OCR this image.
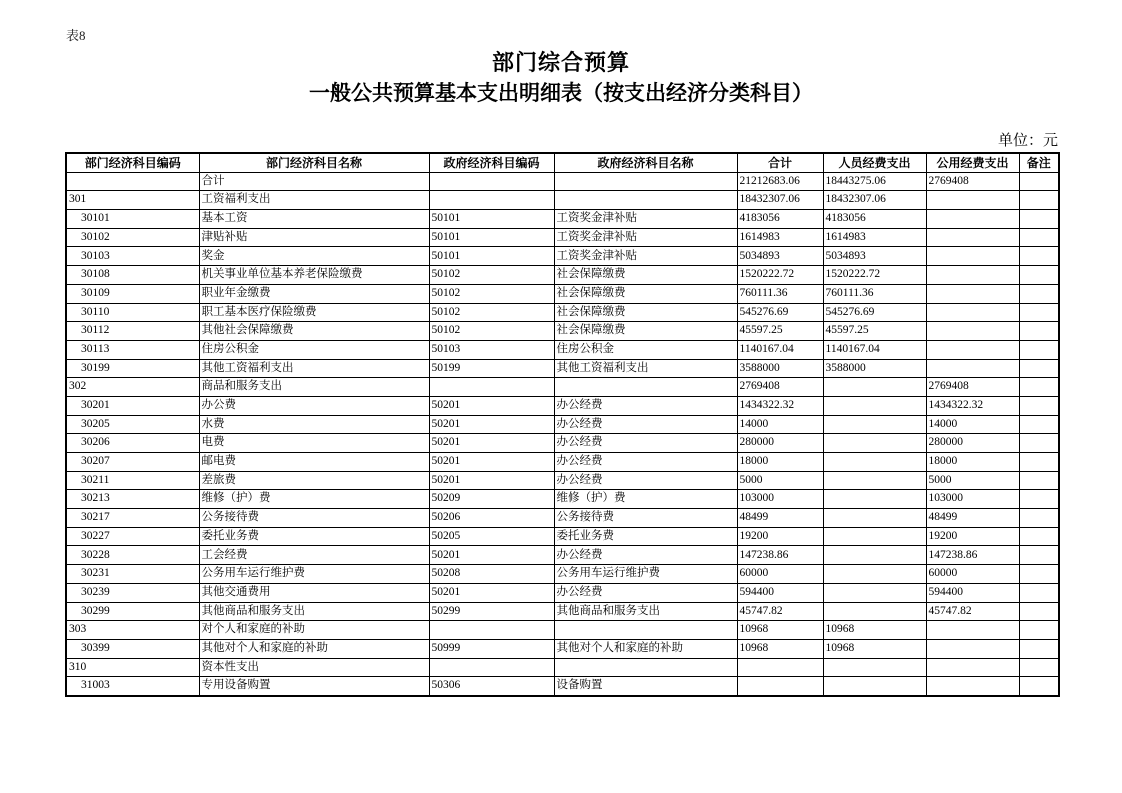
表8
部门综合预算
一般公共预算基本支出明细表（按支出经济分类科目）
单位：元
部门经济科目编码	部门经济科目名称	政府经济科目编码	政府经济科目名称	合计	人员经费支出	公用经费支出	备注
	合计			21212683.06	18443275.06	2769408	
301	工资福利支出			18432307.06	18432307.06		
30101	基本工资	50101	工资奖金津补贴	4183056	4183056		
30102	津贴补贴	50101	工资奖金津补贴	1614983	1614983		
30103	奖金	50101	工资奖金津补贴	5034893	5034893		
30108	机关事业单位基本养老保险缴费	50102	社会保障缴费	1520222.72	1520222.72		
30109	职业年金缴费	50102	社会保障缴费	760111.36	760111.36		
30110	职工基本医疗保险缴费	50102	社会保障缴费	545276.69	545276.69		
30112	其他社会保障缴费	50102	社会保障缴费	45597.25	45597.25		
30113	住房公积金	50103	住房公积金	1140167.04	1140167.04		
30199	其他工资福利支出	50199	其他工资福利支出	3588000	3588000		
302	商品和服务支出			2769408		2769408	
30201	办公费	50201	办公经费	1434322.32		1434322.32	
30205	水费	50201	办公经费	14000		14000	
30206	电费	50201	办公经费	280000		280000	
30207	邮电费	50201	办公经费	18000		18000	
30211	差旅费	50201	办公经费	5000		5000	
30213	维修（护）费	50209	维修（护）费	103000		103000	
30217	公务接待费	50206	公务接待费	48499		48499	
30227	委托业务费	50205	委托业务费	19200		19200	
30228	工会经费	50201	办公经费	147238.86		147238.86	
30231	公务用车运行维护费	50208	公务用车运行维护费	60000		60000	
30239	其他交通费用	50201	办公经费	594400		594400	
30299	其他商品和服务支出	50299	其他商品和服务支出	45747.82		45747.82	
303	对个人和家庭的补助			10968	10968		
30399	其他对个人和家庭的补助	50999	其他对个人和家庭的补助	10968	10968		
310	资本性支出						
31003	专用设备购置	50306	设备购置				
